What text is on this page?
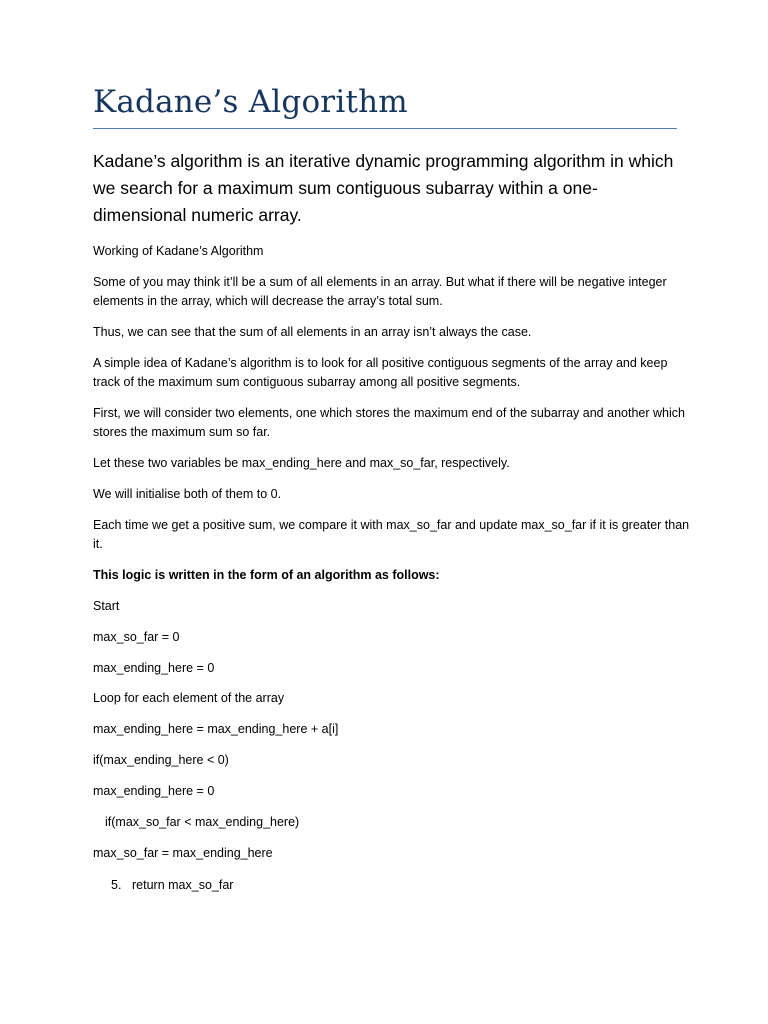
Kadane’s Algorithm
Kadane’s algorithm is an iterative dynamic programming algorithm in which we search for a maximum sum contiguous subarray within a one-dimensional numeric array.

Working of Kadane’s Algorithm

Some of you may think it’ll be a sum of all elements in an array. But what if there will be negative integer elements in the array, which will decrease the array’s total sum.

Thus, we can see that the sum of all elements in an array isn’t always the case.

A simple idea of Kadane’s algorithm is to look for all positive contiguous segments of the array and keep track of the maximum sum contiguous subarray among all positive segments.

First, we will consider two elements, one which stores the maximum end of the subarray and another which stores the maximum sum so far.

Let these two variables be max_ending_here and max_so_far, respectively.

We will initialise both of them to 0.

Each time we get a positive sum, we compare it with max_so_far and update max_so_far if it is greater than it.

This logic is written in the form of an algorithm as follows:

Start
max_so_far = 0
max_ending_here = 0
Loop for each element of the array
max_ending_here = max_ending_here + a[i]
if(max_ending_here < 0)
max_ending_here = 0
if(max_so_far < max_ending_here)
max_so_far = max_ending_here
5. return max_so_far
